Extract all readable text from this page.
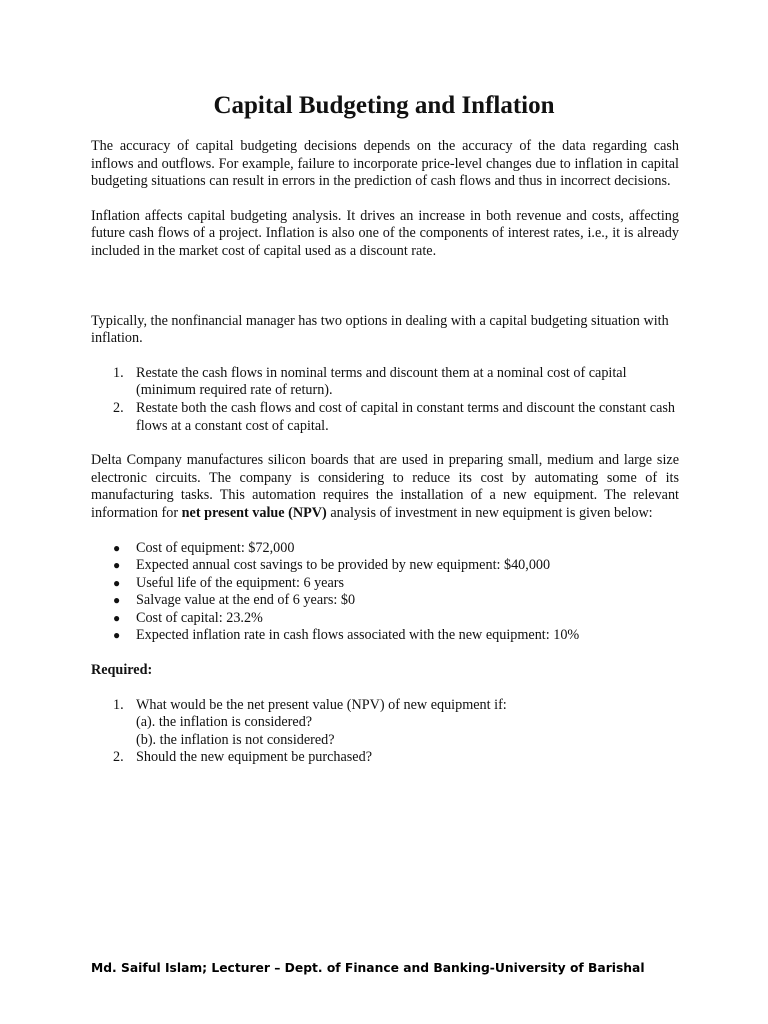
Capital Budgeting and Inflation

The accuracy of capital budgeting decisions depends on the accuracy of the data regarding cash inflows and outflows. For example, failure to incorporate price-level changes due to inflation in capital budgeting situations can result in errors in the prediction of cash flows and thus in incorrect decisions.

Inflation affects capital budgeting analysis. It drives an increase in both revenue and costs, affecting future cash flows of a project. Inflation is also one of the components of interest rates, i.e., it is already included in the market cost of capital used as a discount rate.

Typically, the nonfinancial manager has two options in dealing with a capital budgeting situation with inflation.

1. Restate the cash flows in nominal terms and discount them at a nominal cost of capital (minimum required rate of return).
2. Restate both the cash flows and cost of capital in constant terms and discount the constant cash flows at a constant cost of capital.

Delta Company manufactures silicon boards that are used in preparing small, medium and large size electronic circuits. The company is considering to reduce its cost by automating some of its manufacturing tasks. This automation requires the installation of a new equipment. The relevant information for net present value (NPV) analysis of investment in new equipment is given below:

● Cost of equipment: $72,000
● Expected annual cost savings to be provided by new equipment: $40,000
● Useful life of the equipment: 6 years
● Salvage value at the end of 6 years: $0
● Cost of capital: 23.2%
● Expected inflation rate in cash flows associated with the new equipment: 10%

Required:

1. What would be the net present value (NPV) of new equipment if:
(a). the inflation is considered?
(b). the inflation is not considered?
2. Should the new equipment be purchased?
Md. Saiful Islam; Lecturer – Dept. of Finance and Banking-University of Barishal
